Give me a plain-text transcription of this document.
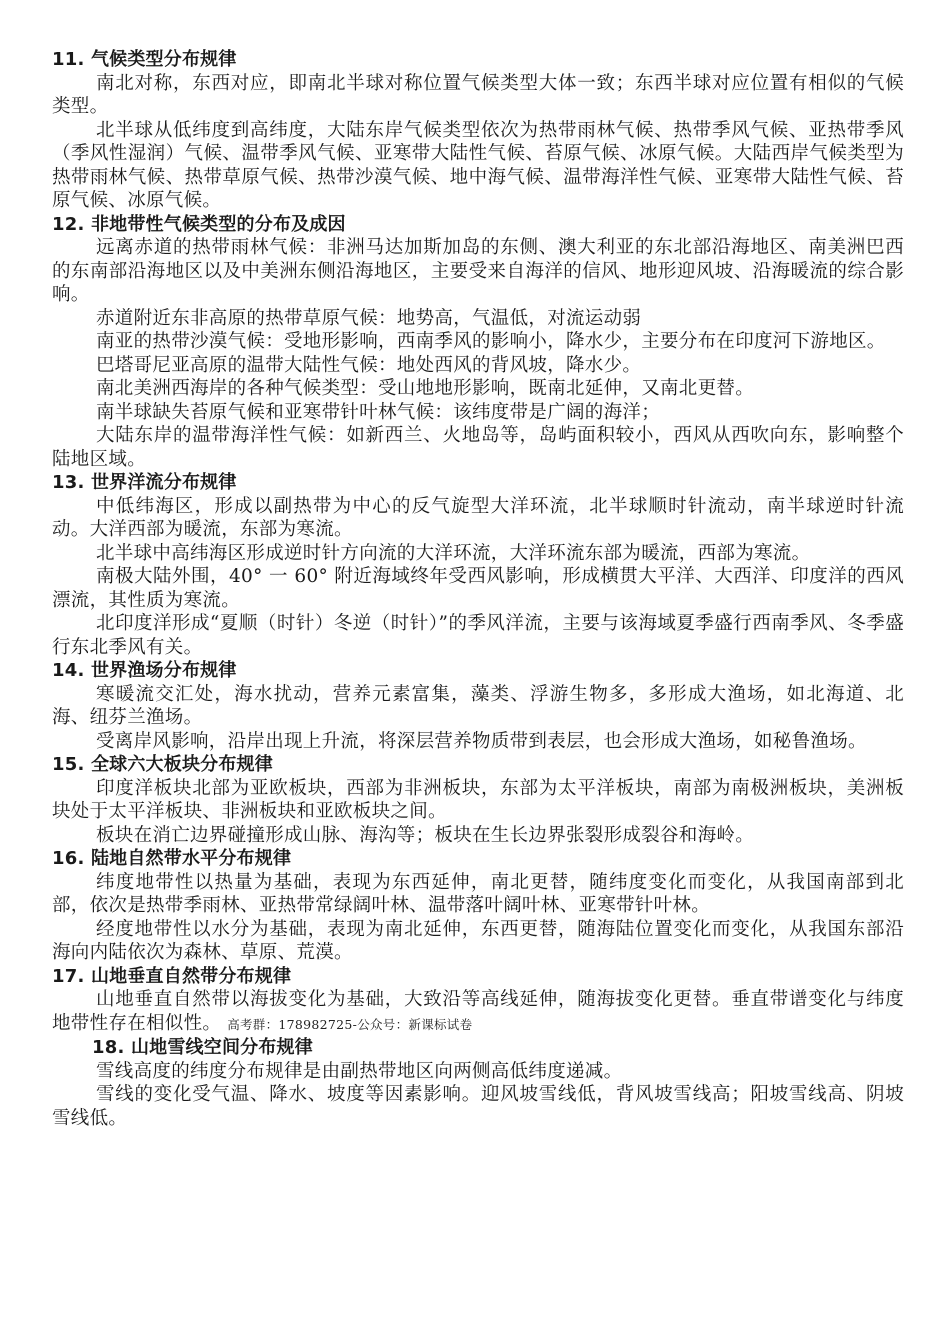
11. 气候类型分布规律

南北对称，东西对应，即南北半球对称位置气候类型大体一致；东西半球对应位置有相似的气候类型。

北半球从低纬度到高纬度，大陆东岸气候类型依次为热带雨林气候、热带季风气候、亚热带季风（季风性湿润）气候、温带季风气候、亚寒带大陆性气候、苔原气候、冰原气候。大陆西岸气候类型为热带雨林气候、热带草原气候、热带沙漠气候、地中海气候、温带海洋性气候、亚寒带大陆性气候、苔原气候、冰原气候。

12. 非地带性气候类型的分布及成因

远离赤道的热带雨林气候：非洲马达加斯加岛的东侧、澳大利亚的东北部沿海地区、南美洲巴西的东南部沿海地区以及中美洲东侧沿海地区，主要受来自海洋的信风、地形迎风坡、沿海暖流的综合影响。

赤道附近东非高原的热带草原气候：地势高，气温低，对流运动弱

南亚的热带沙漠气候：受地形影响，西南季风的影响小，降水少，主要分布在印度河下游地区。

巴塔哥尼亚高原的温带大陆性气候：地处西风的背风坡，降水少。

南北美洲西海岸的各种气候类型：受山地地形影响，既南北延伸，又南北更替。

南半球缺失苔原气候和亚寒带针叶林气候：该纬度带是广阔的海洋；

大陆东岸的温带海洋性气候：如新西兰、火地岛等，岛屿面积较小，西风从西吹向东，影响整个陆地区域。

13. 世界洋流分布规律

中低纬海区，形成以副热带为中心的反气旋型大洋环流，北半球顺时针流动，南半球逆时针流动。大洋西部为暖流，东部为寒流。

北半球中高纬海区形成逆时针方向流的大洋环流，大洋环流东部为暖流，西部为寒流。

南极大陆外围，40° 一 60° 附近海域终年受西风影响，形成横贯大平洋、大西洋、印度洋的西风漂流，其性质为寒流。

北印度洋形成“夏顺（时针）冬逆（时针）”的季风洋流，主要与该海域夏季盛行西南季风、冬季盛行东北季风有关。

14. 世界渔场分布规律

寒暖流交汇处，海水扰动，营养元素富集，藻类、浮游生物多，多形成大渔场，如北海道、北海、纽芬兰渔场。

受离岸风影响，沿岸出现上升流，将深层营养物质带到表层，也会形成大渔场，如秘鲁渔场。

15. 全球六大板块分布规律

印度洋板块北部为亚欧板块，西部为非洲板块，东部为太平洋板块，南部为南极洲板块，美洲板块处于太平洋板块、非洲板块和亚欧板块之间。

板块在消亡边界碰撞形成山脉、海沟等；板块在生长边界张裂形成裂谷和海岭。

16. 陆地自然带水平分布规律

纬度地带性以热量为基础，表现为东西延伸，南北更替，随纬度变化而变化，从我国南部到北部，依次是热带季雨林、亚热带常绿阔叶林、温带落叶阔叶林、亚寒带针叶林。

经度地带性以水分为基础，表现为南北延伸，东西更替，随海陆位置变化而变化，从我国东部沿海向内陆依次为森林、草原、荒漠。

17. 山地垂直自然带分布规律

山地垂直自然带以海拔变化为基础，大致沿等高线延伸，随海拔变化更替。垂直带谱变化与纬度地带性存在相似性。 高考群：178982725-公众号：新课标试卷

18. 山地雪线空间分布规律

雪线高度的纬度分布规律是由副热带地区向两侧高低纬度递减。

雪线的变化受气温、降水、坡度等因素影响。迎风坡雪线低，背风坡雪线高；阳坡雪线高、阴坡雪线低。
